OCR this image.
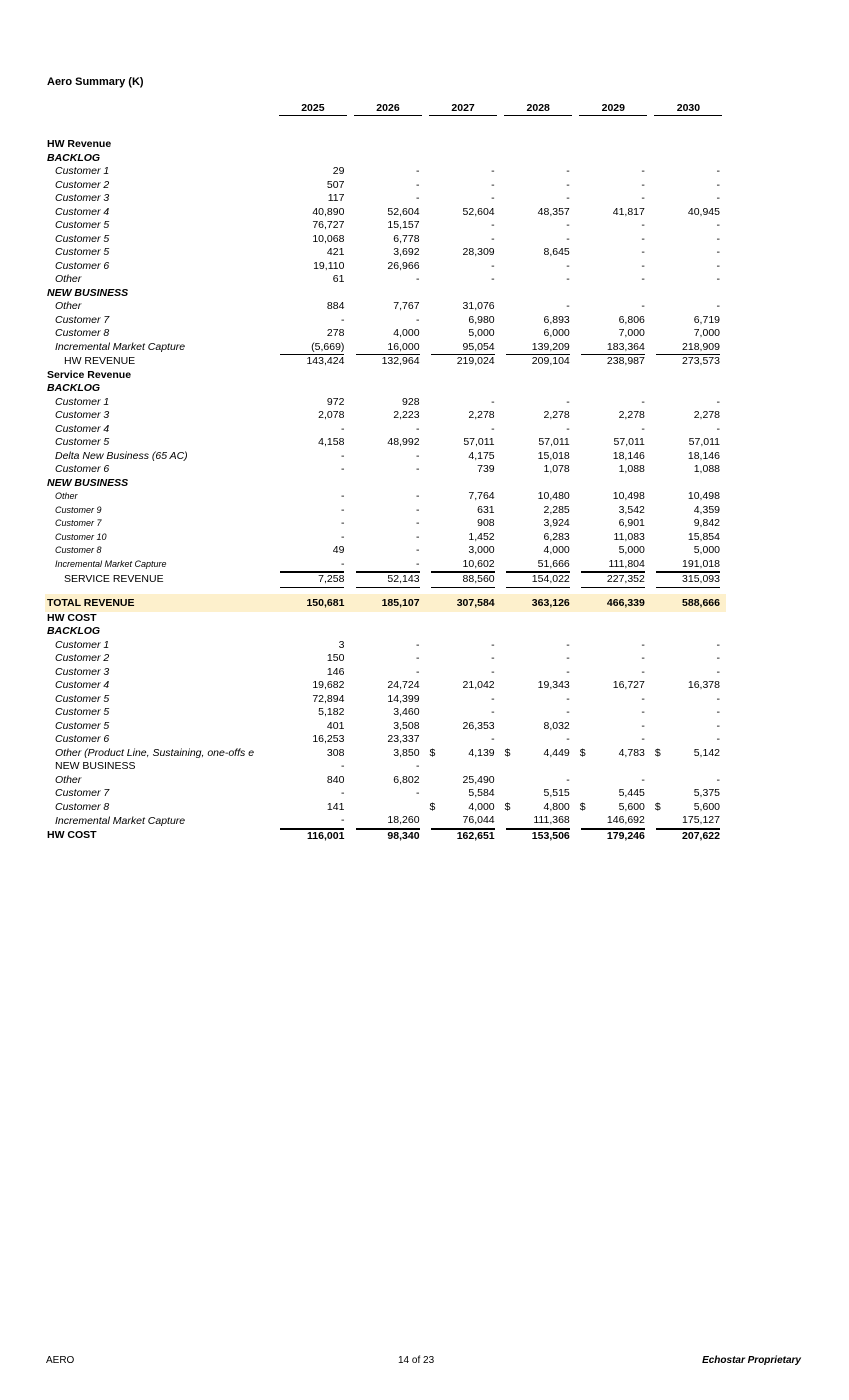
Aero Summary (K)
	2025	2026	2027	2028	2029	2030

HW Revenue						
BACKLOG						
Customer 1	29	-	-	-	-	-
Customer 2	507	-	-	-	-	-
Customer 3	117	-	-	-	-	-
Customer 4	40,890	52,604	52,604	48,357	41,817	40,945
Customer 5	76,727	15,157	-	-	-	-
Customer 5	10,068	6,778	-	-	-	-
Customer 5	421	3,692	28,309	8,645	-	-
Customer 6	19,110	26,966	-	-	-	-
Other	61	-	-	-	-	-
NEW BUSINESS						
Other	884	7,767	31,076	-	-	-
Customer 7	-	-	6,980	6,893	6,806	6,719
Customer 8	278	4,000	5,000	6,000	7,000	7,000
Incremental Market Capture	(5,669)	16,000	95,054	139,209	183,364	218,909
HW REVENUE	143,424	132,964	219,024	209,104	238,987	273,573
Service Revenue						
BACKLOG						
Customer 1	972	928	-	-	-	-
Customer 3	2,078	2,223	2,278	2,278	2,278	2,278
Customer 4	-	-	-	-	-	-
Customer 5	4,158	48,992	57,011	57,011	57,011	57,011
Delta New Business (65 AC)	-	-	4,175	15,018	18,146	18,146
Customer 6	-	-	739	1,078	1,088	1,088
NEW BUSINESS						
Other	-	-	7,764	10,480	10,498	10,498
Customer 9	-	-	631	2,285	3,542	4,359
Customer 7	-	-	908	3,924	6,901	9,842
Customer 10	-	-	1,452	6,283	11,083	15,854
Customer 8	49	-	3,000	4,000	5,000	5,000
Incremental Market Capture	-	-	10,602	51,666	111,804	191,018
SERVICE REVENUE	7,258	52,143	88,560	154,022	227,352	315,093

TOTAL REVENUE	150,681	185,107	307,584	363,126	466,339	588,666
HW COST						
BACKLOG						
Customer 1	3	-	-	-	-	-
Customer 2	150	-	-	-	-	-
Customer 3	146	-	-	-	-	-
Customer 4	19,682	24,724	21,042	19,343	16,727	16,378
Customer 5	72,894	14,399	-	-	-	-
Customer 5	5,182	3,460	-	-	-	-
Customer 5	401	3,508	26,353	8,032	-	-
Customer 6	16,253	23,337	-	-	-	-
Other (Product Line, Sustaining, one-offs e	308	3,850	$ 4,139	$ 4,449	$ 4,783	$ 5,142
NEW BUSINESS	-	-				
Other	840	6,802	25,490	-	-	-
Customer 7	-	-	5,584	5,515	5,445	5,375
Customer 8	141		$ 4,000	$ 4,800	$ 5,600	$ 5,600
Incremental Market Capture	-	18,260	76,044	111,368	146,692	175,127
HW COST	116,001	98,340	162,651	153,506	179,246	207,622
AERO	14 of 23	Echostar Proprietary
